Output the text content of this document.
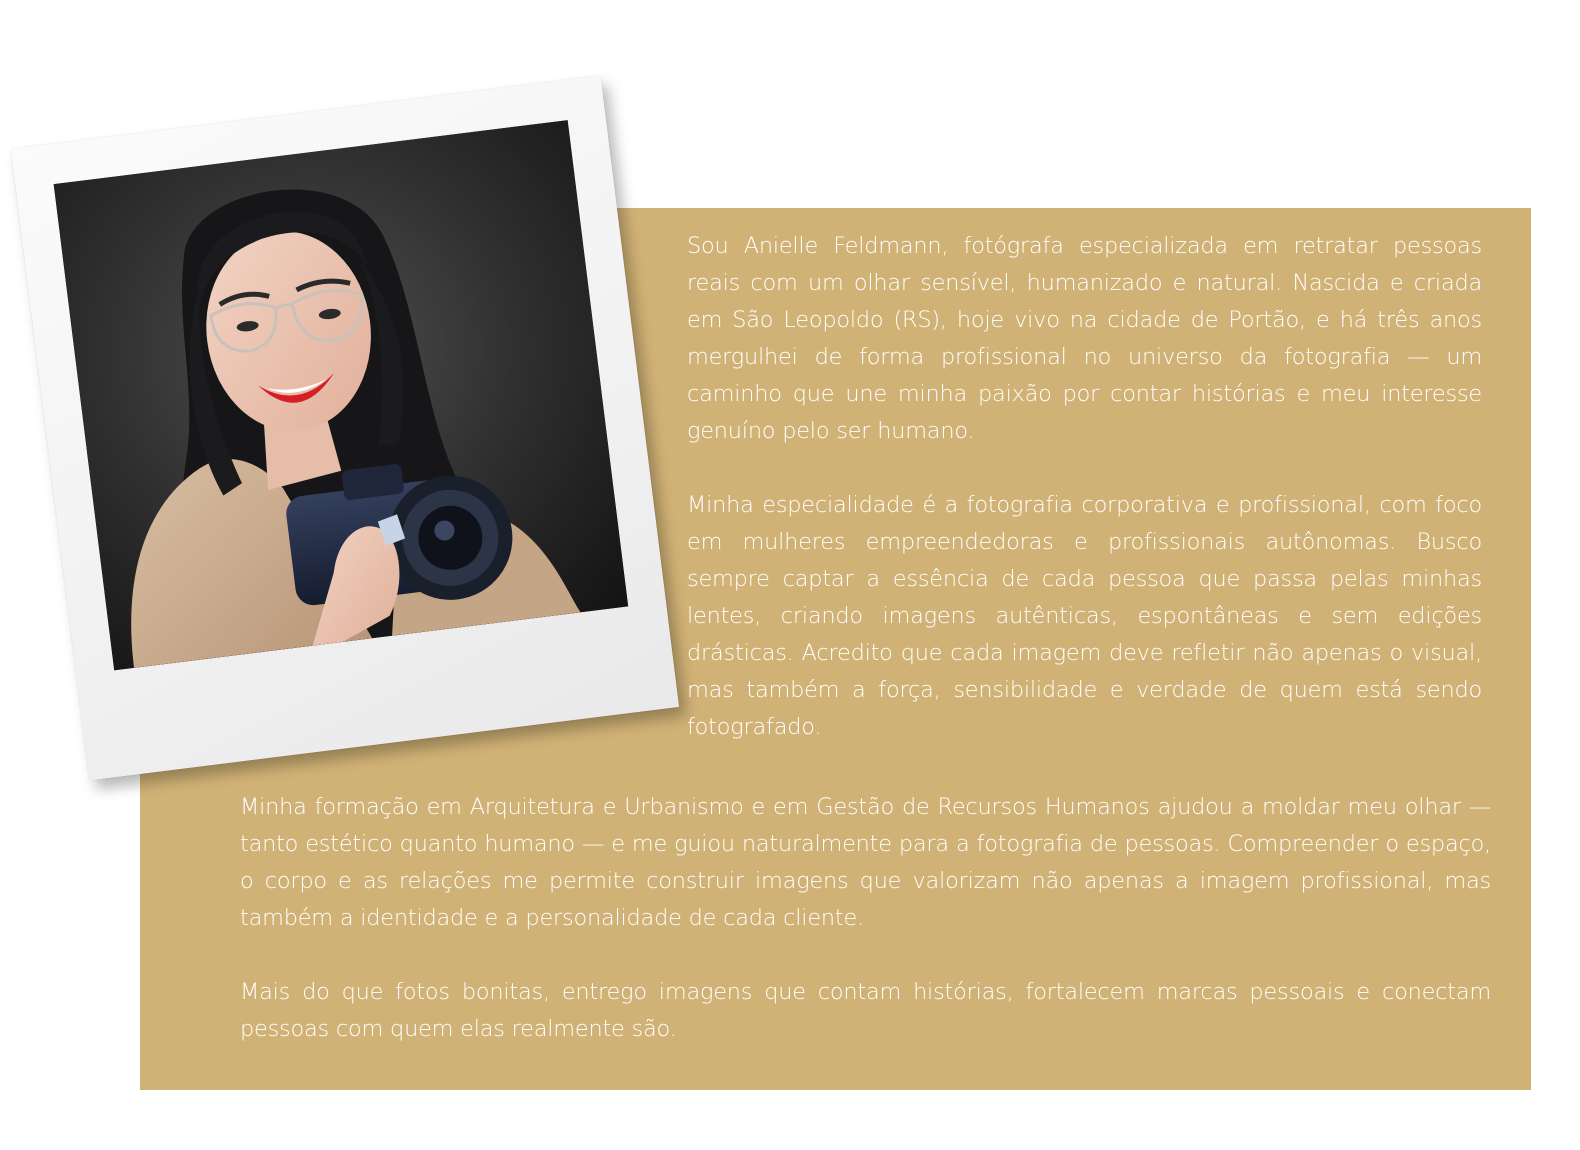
Sou Anielle Feldmann, fotógrafa especializada em retratar pessoas reais com um olhar sensível, humanizado e natural. Nascida e criada em São Leopoldo (RS), hoje vivo na cidade de Portão, e há três anos mergulhei de forma profissional no universo da fotografia — um caminho que une minha paixão por contar histórias e meu interesse genuíno pelo ser humano.

Minha especialidade é a fotografia corporativa e profissional, com foco em mulheres empreendedoras e profissionais autônomas. Busco sempre captar a essência de cada pessoa que passa pelas minhas lentes, criando imagens autênticas, espontâneas e sem edições drásticas. Acredito que cada imagem deve refletir não apenas o visual, mas também a força, sensibilidade e verdade de quem está sendo fotografado.

Minha formação em Arquitetura e Urbanismo e em Gestão de Recursos Humanos ajudou a moldar meu olhar — tanto estético quanto humano — e me guiou naturalmente para a fotografia de pessoas. Compreender o espaço, o corpo e as relações me permite construir imagens que valorizam não apenas a imagem profissional, mas também a identidade e a personalidade de cada cliente.

Mais do que fotos bonitas, entrego imagens que contam histórias, fortalecem marcas pessoais e conectam pessoas com quem elas realmente são.
